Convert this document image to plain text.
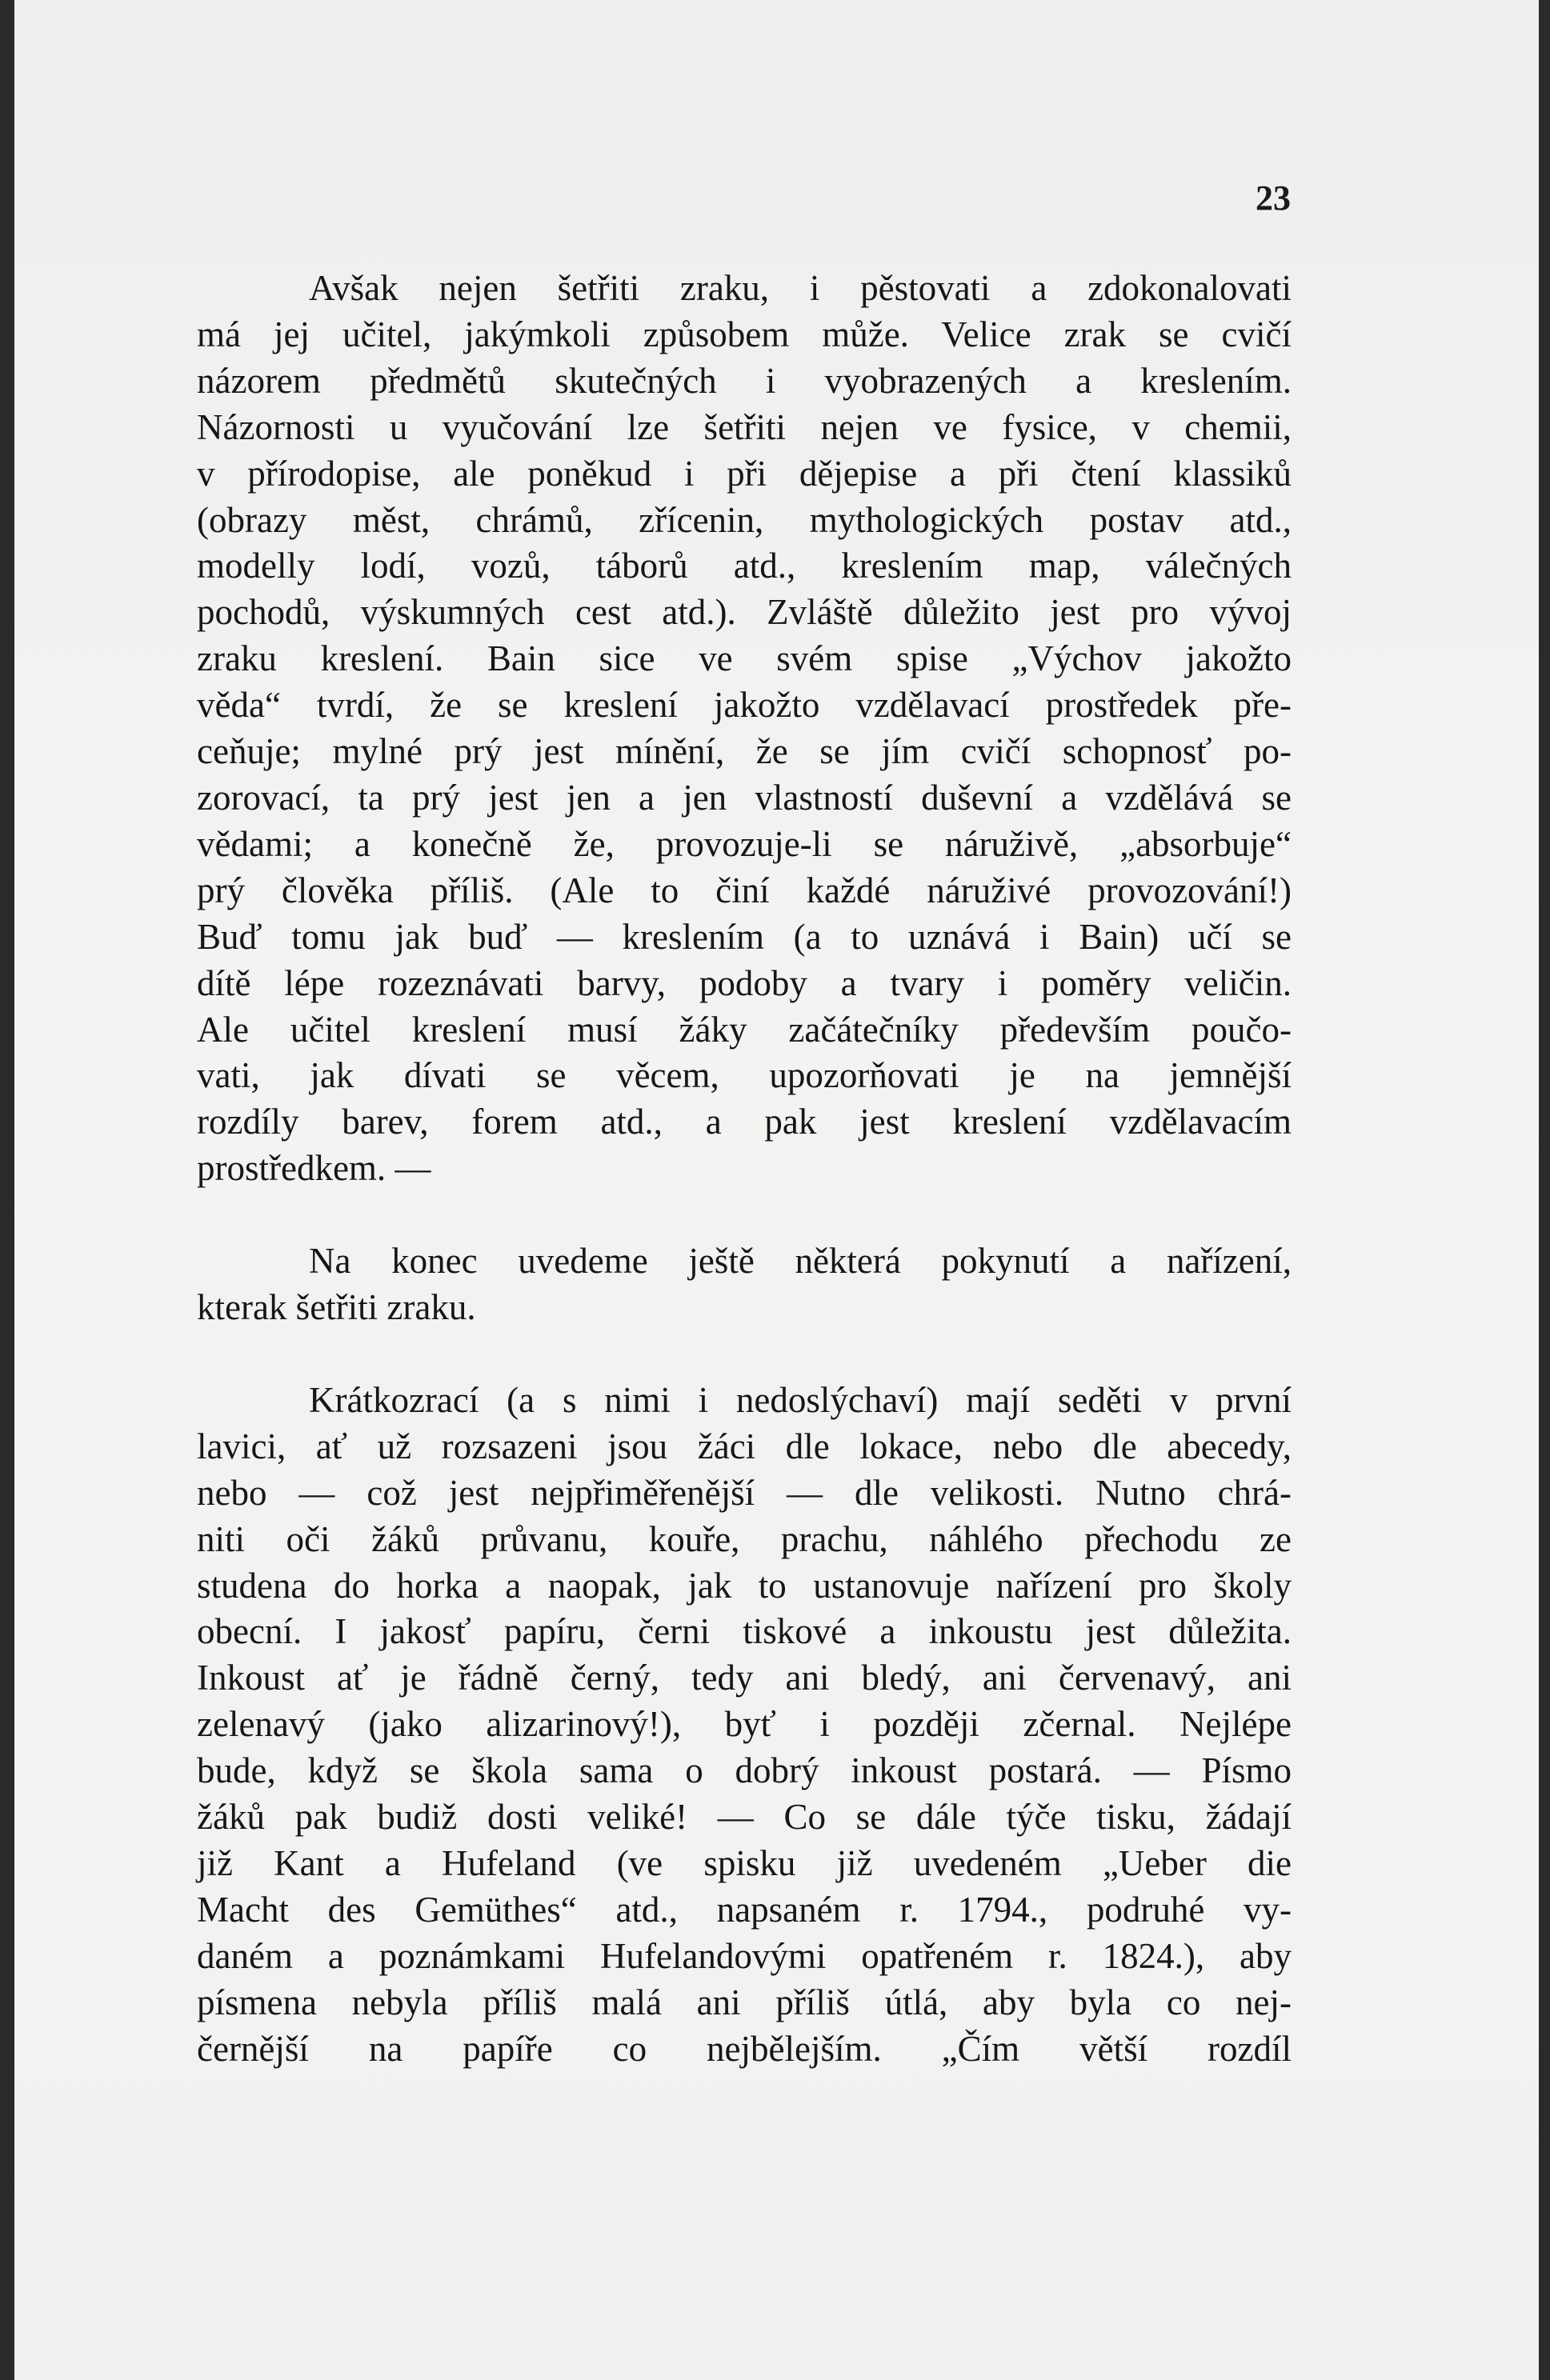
23

Avšak nejen šetřiti zraku, i pěstovati a zdokonalovati
má jej učitel, jakýmkoli způsobem může. Velice zrak se cvičí
názorem předmětů skutečných i vyobrazených a kreslením.
Názornosti u vyučování lze šetřiti nejen ve fysice, v chemii,
v přírodopise, ale poněkud i při dějepise a při čtení klassiků
(obrazy měst, chrámů, zřícenin, mythologických postav atd.,
modelly lodí, vozů, táborů atd., kreslením map, válečných
pochodů, výskumných cest atd.). Zvláště důležito jest pro vývoj
zraku kreslení. Bain sice ve svém spise „Výchov jakožto
věda“ tvrdí, že se kreslení jakožto vzdělavací prostředek pře-
ceňuje; mylné prý jest mínění, že se jím cvičí schopnosť po-
zorovací, ta prý jest jen a jen vlastností duševní a vzdělává se
vědami; a konečně že, provozuje-li se náruživě, „absorbuje“
prý člověka příliš. (Ale to činí každé náruživé provozování!)
Buď tomu jak buď — kreslením (a to uznává i Bain) učí se
dítě lépe rozeznávati barvy, podoby a tvary i poměry veličin.
Ale učitel kreslení musí žáky začátečníky především poučo-
vati, jak dívati se věcem, upozorňovati je na jemnější
rozdíly barev, forem atd., a pak jest kreslení vzdělavacím
prostředkem. —

Na konec uvedeme ještě některá pokynutí a nařízení,
kterak šetřiti zraku.

Krátkozrací (a s nimi i nedoslýchaví) mají seděti v první
lavici, ať už rozsazeni jsou žáci dle lokace, nebo dle abecedy,
nebo — což jest nejpřiměřenější — dle velikosti. Nutno chrá-
niti oči žáků průvanu, kouře, prachu, náhlého přechodu ze
studena do horka a naopak, jak to ustanovuje nařízení pro školy
obecní. I jakosť papíru, černi tiskové a inkoustu jest důležita.
Inkoust ať je řádně černý, tedy ani bledý, ani červenavý, ani
zelenavý (jako alizarinový!), byť i později zčernal. Nejlépe
bude, když se škola sama o dobrý inkoust postará. — Písmo
žáků pak budiž dosti veliké! — Co se dále týče tisku, žádají
již Kant a Hufeland (ve spisku již uvedeném „Ueber die
Macht des Gemüthes“ atd., napsaném r. 1794., podruhé vy-
daném a poznámkami Hufelandovými opatřeném r. 1824.), aby
písmena nebyla příliš malá ani příliš útlá, aby byla co nej-
černější na papíře co nejbělejším. „Čím větší rozdíl
